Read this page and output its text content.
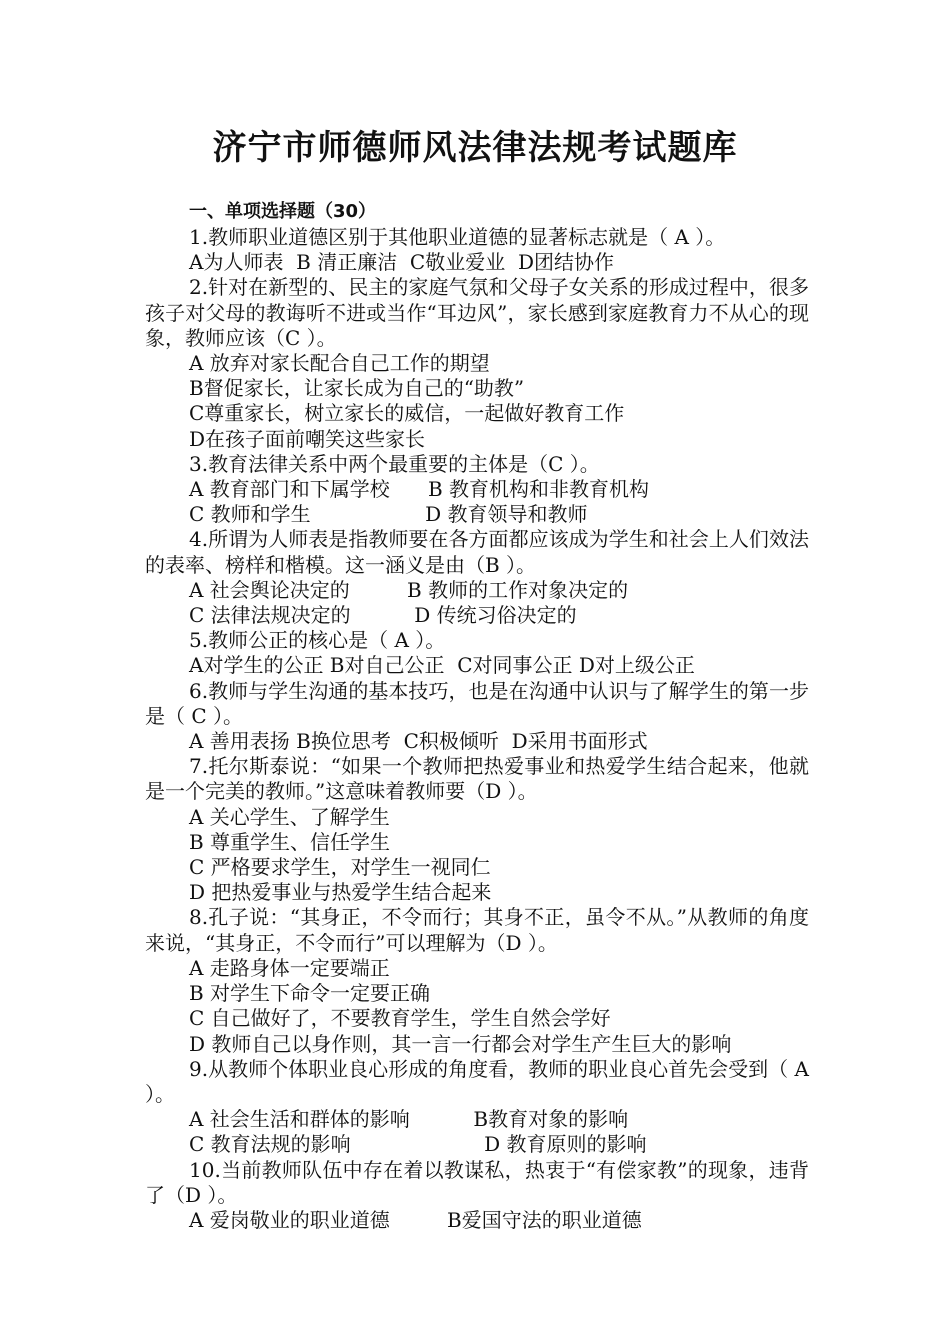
济宁市师德师风法律法规考试题库
一、单项选择题（30）
1.教师职业道德区别于其他职业道德的显著标志就是（ A ）。
A为人师表  B 清正廉洁  C敬业爱业  D团结协作
2.针对在新型的、民主的家庭气氛和父母子女关系的形成过程中，很多孩子对父母的教诲听不进或当作“耳边风”，家长感到家庭教育力不从心的现象，教师应该（C ）。
A 放弃对家长配合自己工作的期望
B督促家长，让家长成为自己的“助教”
C尊重家长，树立家长的威信，一起做好教育工作
D在孩子面前嘲笑这些家长
3.教育法律关系中两个最重要的主体是（C ）。
A 教育部门和下属学校      B 教育机构和非教育机构
C 教师和学生                  D 教育领导和教师
4.所谓为人师表是指教师要在各方面都应该成为学生和社会上人们效法的表率、榜样和楷模。这一涵义是由（B ）。
A 社会舆论决定的         B 教师的工作对象决定的
C 法律法规决定的          D 传统习俗决定的
5.教师公正的核心是（ A ）。
A对学生的公正 B对自己公正  C对同事公正 D对上级公正
6.教师与学生沟通的基本技巧，也是在沟通中认识与了解学生的第一步是（ C ）。
A 善用表扬 B换位思考  C积极倾听  D采用书面形式
7.托尔斯泰说：“如果一个教师把热爱事业和热爱学生结合起来，他就是一个完美的教师。”这意味着教师要（D ）。
A 关心学生、了解学生
B 尊重学生、信任学生
C 严格要求学生，对学生一视同仁
D 把热爱事业与热爱学生结合起来
8.孔子说：“其身正，不令而行；其身不正，虽令不从。”从教师的角度来说，“其身正，不令而行”可以理解为（D ）。
A 走路身体一定要端正
B 对学生下命令一定要正确
C 自己做好了，不要教育学生，学生自然会学好
D 教师自己以身作则，其一言一行都会对学生产生巨大的影响
9.从教师个体职业良心形成的角度看，教师的职业良心首先会受到（ A ）。
A 社会生活和群体的影响          B教育对象的影响
C 教育法规的影响                     D 教育原则的影响
10.当前教师队伍中存在着以教谋私，热衷于“有偿家教”的现象，违背了（D ）。
A 爱岗敬业的职业道德         B爱国守法的职业道德
